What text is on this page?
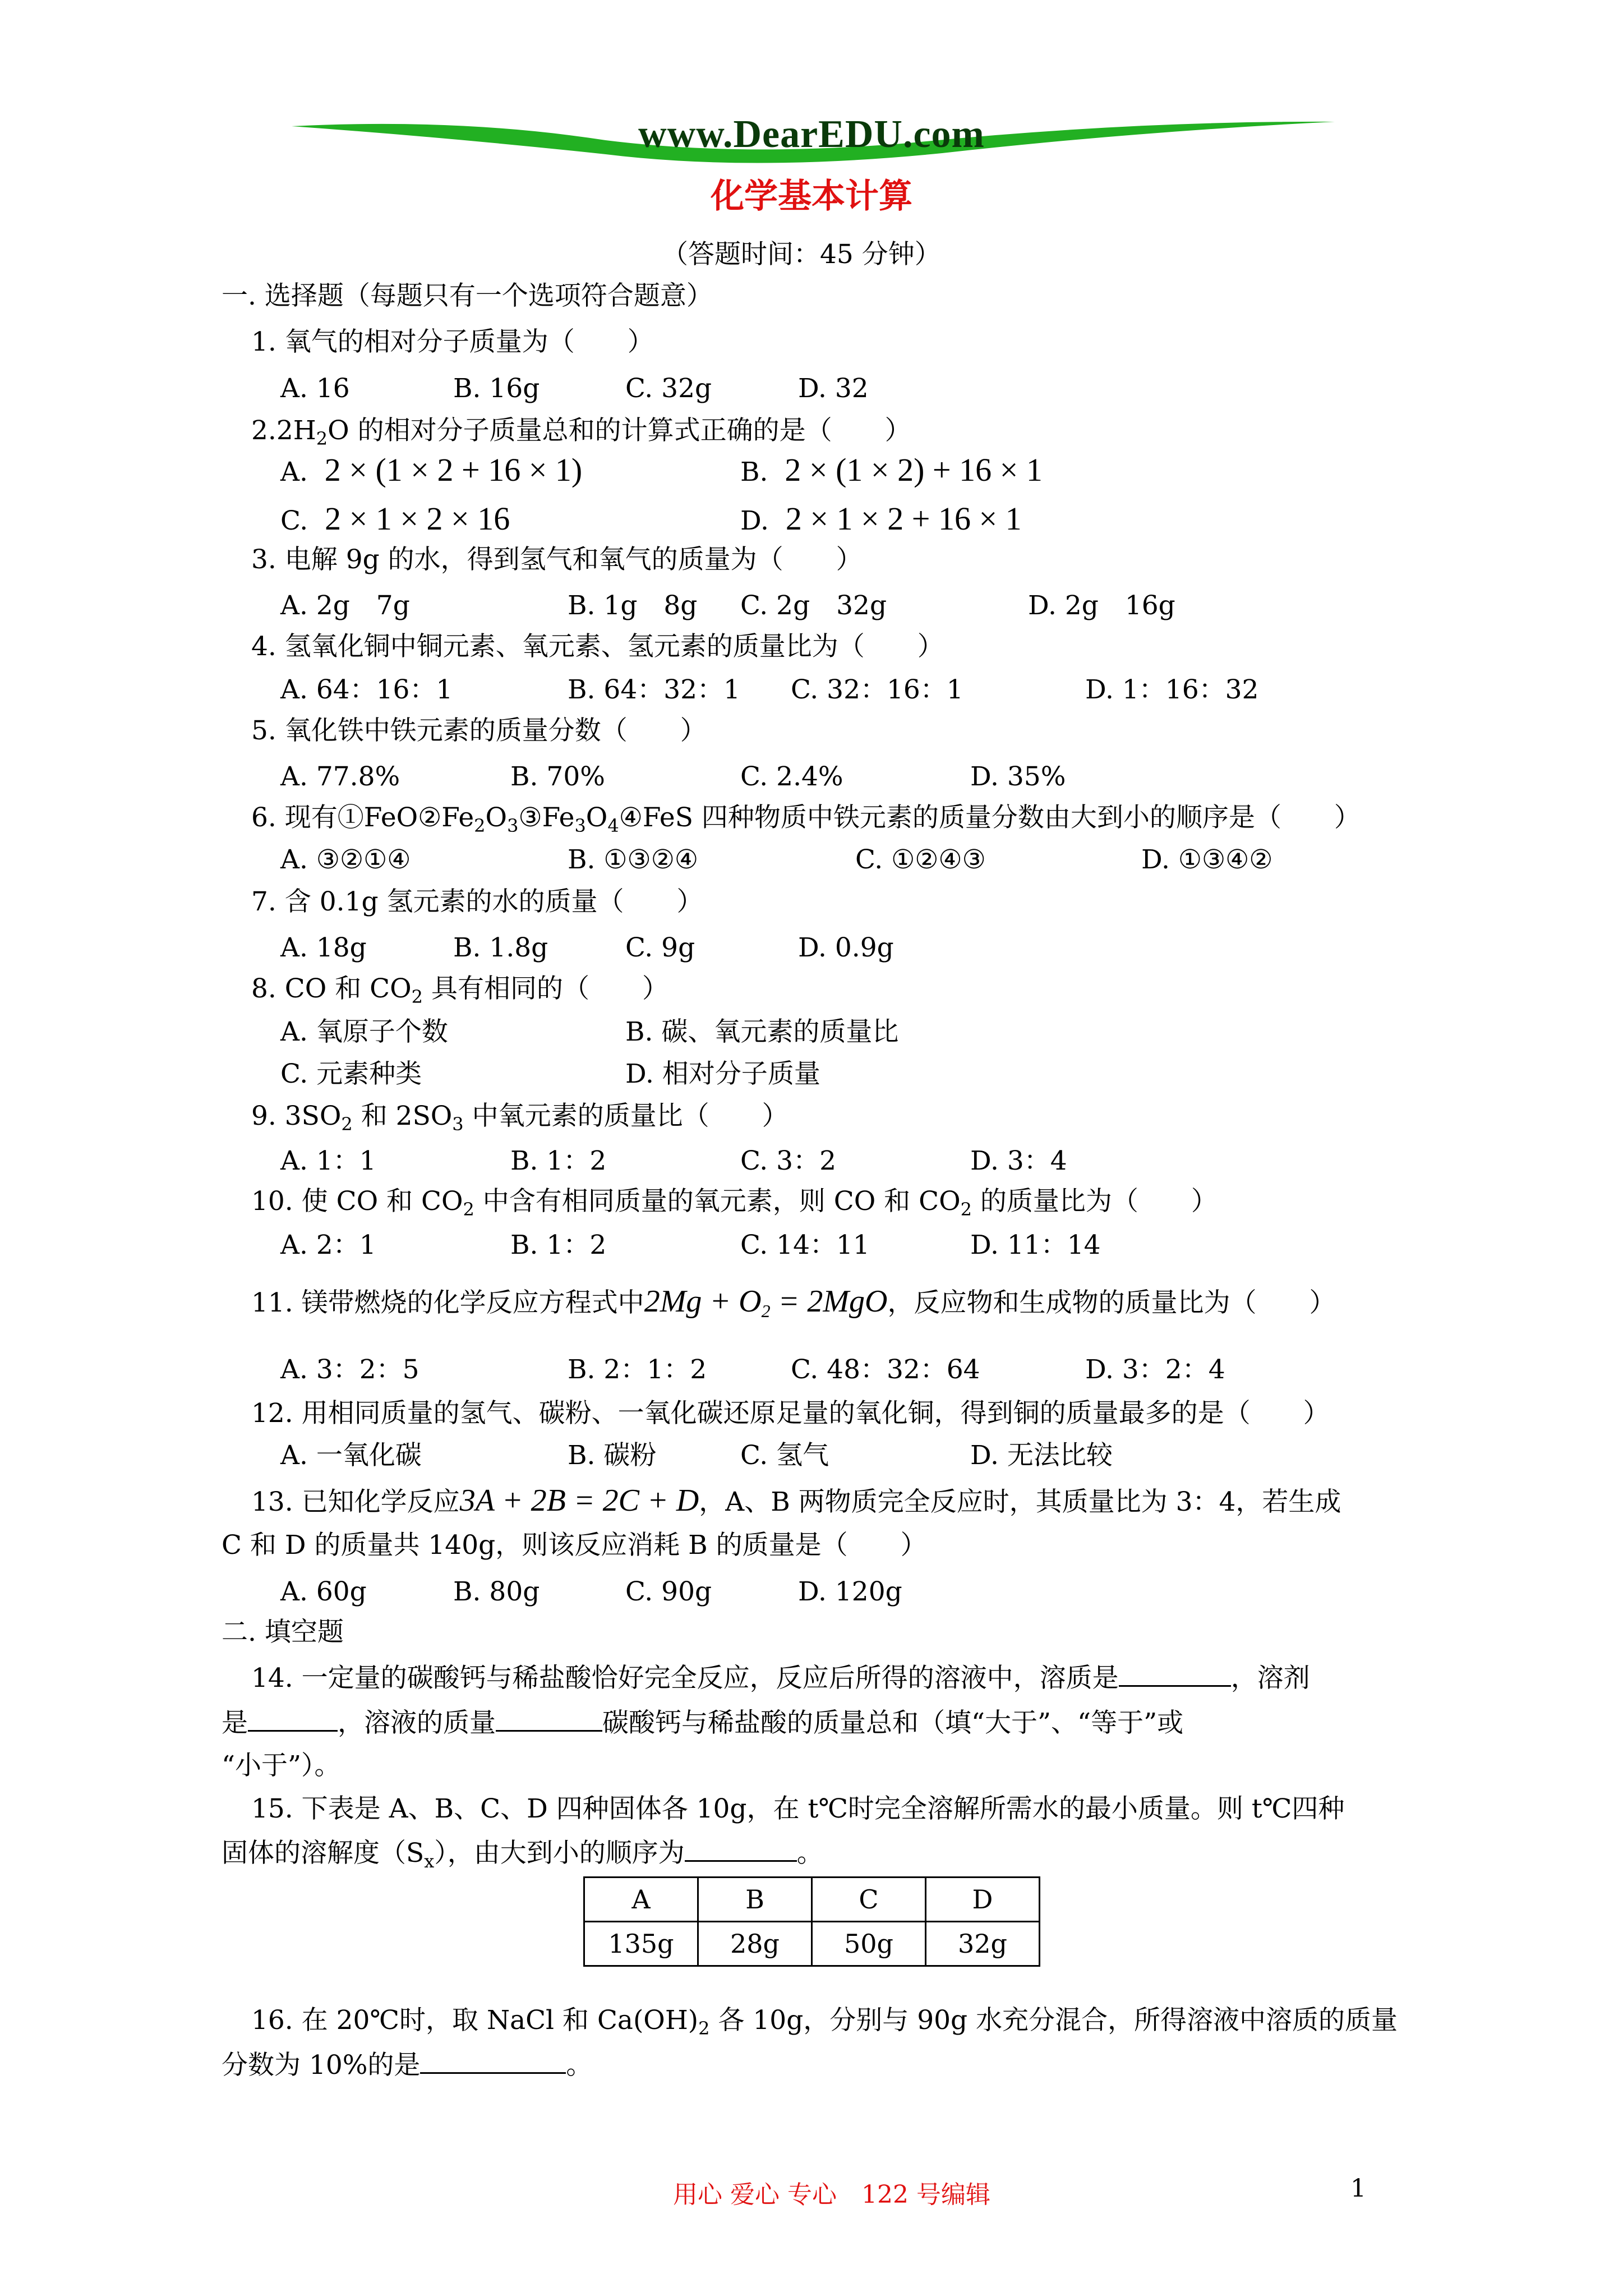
www.DearEDU.com
化学基本计算
（答题时间：45 分钟）
一. 选择题（每题只有一个选项符合题意）
1. 氧气的相对分子质量为（　　）
A. 16	B. 16g	C. 32g	D. 32
$2.2H_2O$ 的相对分子质量总和的计算式正确的是（　　）
A. 2 × (1 × 2 + 16 × 1)	B. 2 × (1 × 2) + 16 × 1
C. 2 × 1 × 2 × 16	D. 2 × 1 × 2 + 16 × 1
3. 电解 9g 的水，得到氢气和氧气的质量为（　　）
A. 2g　7g	B. 1g　8g C. 2g　32g	D. 2g　16g
4. 氢氧化铜中铜元素、氧元素、氢元素的质量比为（　　）
A. 64：16：1	B. 64：32：1 C. 32：16：1	D. 1：16：32
5. 氧化铁中铁元素的质量分数（　　）
A. 77.8%	B. 70%	C. 2.4%	D. 35%
6. 现有$①FeO②Fe_2O_3③Fe_3O_4④FeS$ 四种物质中铁元素的质量分数由大到小的顺序是（　　）
A. ③②①④	B. ①③②④	C. ①②④③	D. ①③④②
7. 含 0.1g 氢元素的水的质量（　　）
A. 18g	B. 1.8g	C. 9g	D. 0.9g
8. CO 和 $CO_2$ 具有相同的（　　）
A. 氧原子个数	B. 碳、氧元素的质量比
C. 元素种类	D. 相对分子质量
9. $3SO_2$ 和 $2SO_3$ 中氧元素的质量比（　　）
A. 1：1	B. 1：2	C. 3：2	D. 3：4
10. 使 CO 和 $CO_2$ 中含有相同质量的氧元素，则 CO 和 $CO_2$ 的质量比为（　　）
A. 2：1	B. 1：2	C. 14：11	D. 11：14
11. 镁带燃烧的化学反应方程式中$2Mg + O_2 = 2MgO$，反应物和生成物的质量比为（　　）
A. 3：2：5	B. 2：1：2	C. 48：32：64	D. 3：2：4
12. 用相同质量的氢气、碳粉、一氧化碳还原足量的氧化铜，得到铜的质量最多的是（　　）
A. 一氧化碳	B. 碳粉	C. 氢气	D. 无法比较
13. 已知化学反应3A + 2B = 2C + D，A、B 两物质完全反应时，其质量比为 3：4，若生成
C 和 D 的质量共 140g，则该反应消耗 B 的质量是（　　）
A. 60g	B. 80g	C. 90g	D. 120g
二. 填空题
14. 一定量的碳酸钙与稀盐酸恰好完全反应，反应后所得的溶液中，溶质是	，溶剂
是	，溶液的质量	碳酸钙与稀盐酸的质量总和（填“大于”、“等于”或
“小于”）。
15. 下表是 A、B、C、D 四种固体各 10g，在 t℃时完全溶解所需水的最小质量。则 t℃四种
固体的溶解度$(S_x)$，由大到小的顺序为	。
A	B	C	D
135g	28g	50g	32g
16. 在 20℃时，取 NaCl 和 $Ca(OH)_2$ 各 10g，分别与 90g 水充分混合，所得溶液中溶质的质量
分数为 10%的是	。
用心 爱心 专心　122 号编辑	1
